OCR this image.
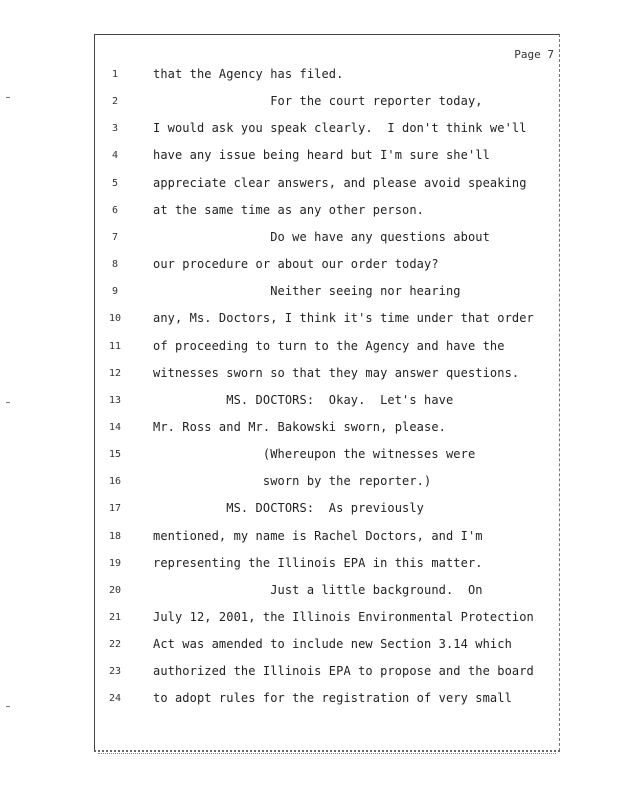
Page 7
1	that the Agency has filed.
2	For the court reporter today,
3	I would ask you speak clearly.  I don't think we'll
4	have any issue being heard but I'm sure she'll
5	appreciate clear answers, and please avoid speaking
6	at the same time as any other person.
7	Do we have any questions about
8	our procedure or about our order today?
9	Neither seeing nor hearing
10	any, Ms. Doctors, I think it's time under that order
11	of proceeding to turn to the Agency and have the
12	witnesses sworn so that they may answer questions.
13	MS. DOCTORS:  Okay.  Let's have
14	Mr. Ross and Mr. Bakowski sworn, please.
15	(Whereupon the witnesses were
16	sworn by the reporter.)
17	MS. DOCTORS:  As previously
18	mentioned, my name is Rachel Doctors, and I'm
19	representing the Illinois EPA in this matter.
20	Just a little background.  On
21	July 12, 2001, the Illinois Environmental Protection
22	Act was amended to include new Section 3.14 which
23	authorized the Illinois EPA to propose and the board
24	to adopt rules for the registration of very small
